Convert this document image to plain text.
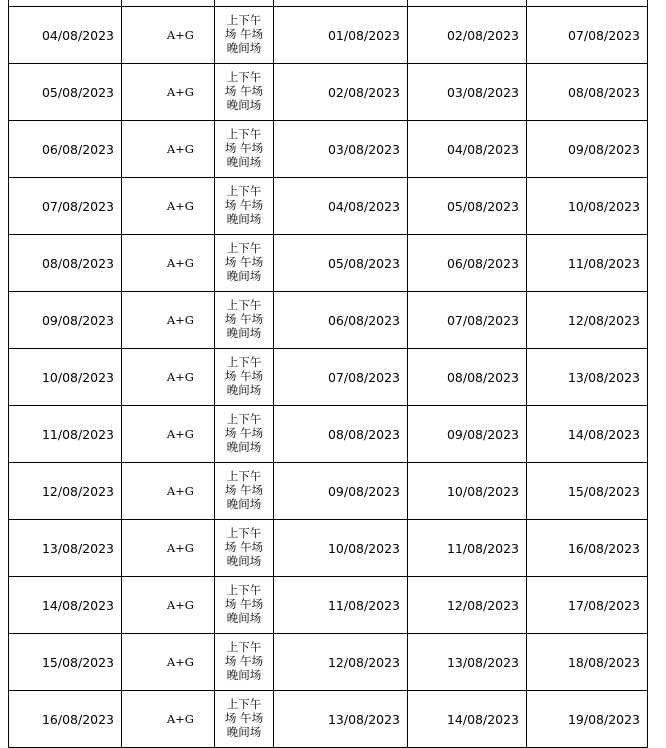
04/08/2023	A+G	上下午场 午场 晚间场	01/08/2023	02/08/2023	07/08/2023
05/08/2023	A+G	上下午场 午场 晚间场	02/08/2023	03/08/2023	08/08/2023
06/08/2023	A+G	上下午场 午场 晚间场	03/08/2023	04/08/2023	09/08/2023
07/08/2023	A+G	上下午场 午场 晚间场	04/08/2023	05/08/2023	10/08/2023
08/08/2023	A+G	上下午场 午场 晚间场	05/08/2023	06/08/2023	11/08/2023
09/08/2023	A+G	上下午场 午场 晚间场	06/08/2023	07/08/2023	12/08/2023
10/08/2023	A+G	上下午场 午场 晚间场	07/08/2023	08/08/2023	13/08/2023
11/08/2023	A+G	上下午场 午场 晚间场	08/08/2023	09/08/2023	14/08/2023
12/08/2023	A+G	上下午场 午场 晚间场	09/08/2023	10/08/2023	15/08/2023
13/08/2023	A+G	上下午场 午场 晚间场	10/08/2023	11/08/2023	16/08/2023
14/08/2023	A+G	上下午场 午场 晚间场	11/08/2023	12/08/2023	17/08/2023
15/08/2023	A+G	上下午场 午场 晚间场	12/08/2023	13/08/2023	18/08/2023
16/08/2023	A+G	上下午场 午场 晚间场	13/08/2023	14/08/2023	19/08/2023
